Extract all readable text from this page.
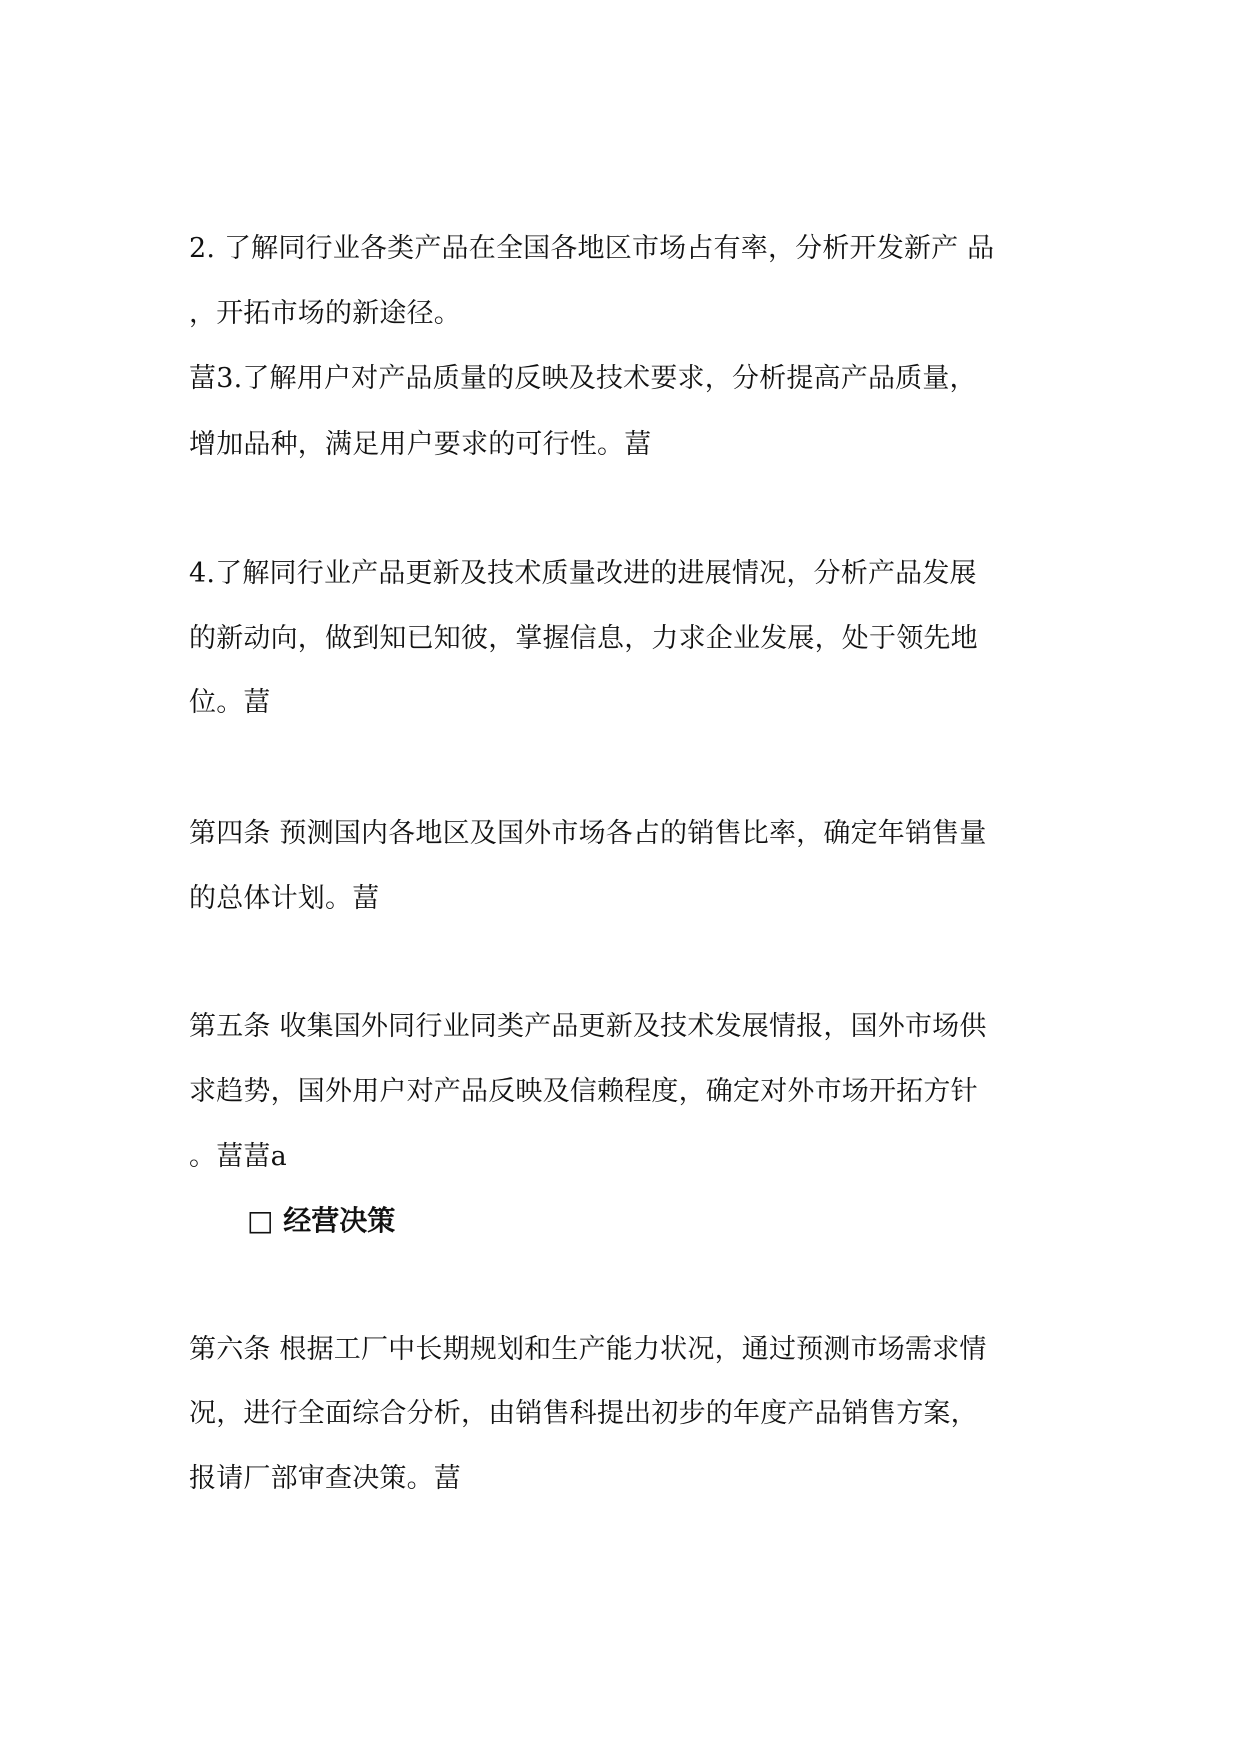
2. 了解同行业各类产品在全国各地区市场占有率，分析开发新产 品
，开拓市场的新途径。
葍3.了解用户对产品质量的反映及技术要求，分析提高产品质量，
增加品种，满足用户要求的可行性。葍
4.了解同行业产品更新及技术质量改进的进展情况，分析产品发展
的新动向，做到知已知彼，掌握信息，力求企业发展，处于领先地
位。葍
第四条 预测国内各地区及国外市场各占的销售比率，确定年销售量
的总体计划。葍
第五条 收集国外同行业同类产品更新及技术发展情报，国外市场供
求趋势，国外用户对产品反映及信赖程度，确定对外市场开拓方针
。葍葍a
□ 经营决策
第六条 根据工厂中长期规划和生产能力状况，通过预测市场需求情
况，进行全面综合分析，由销售科提出初步的年度产品销售方案，
报请厂部审查决策。葍
